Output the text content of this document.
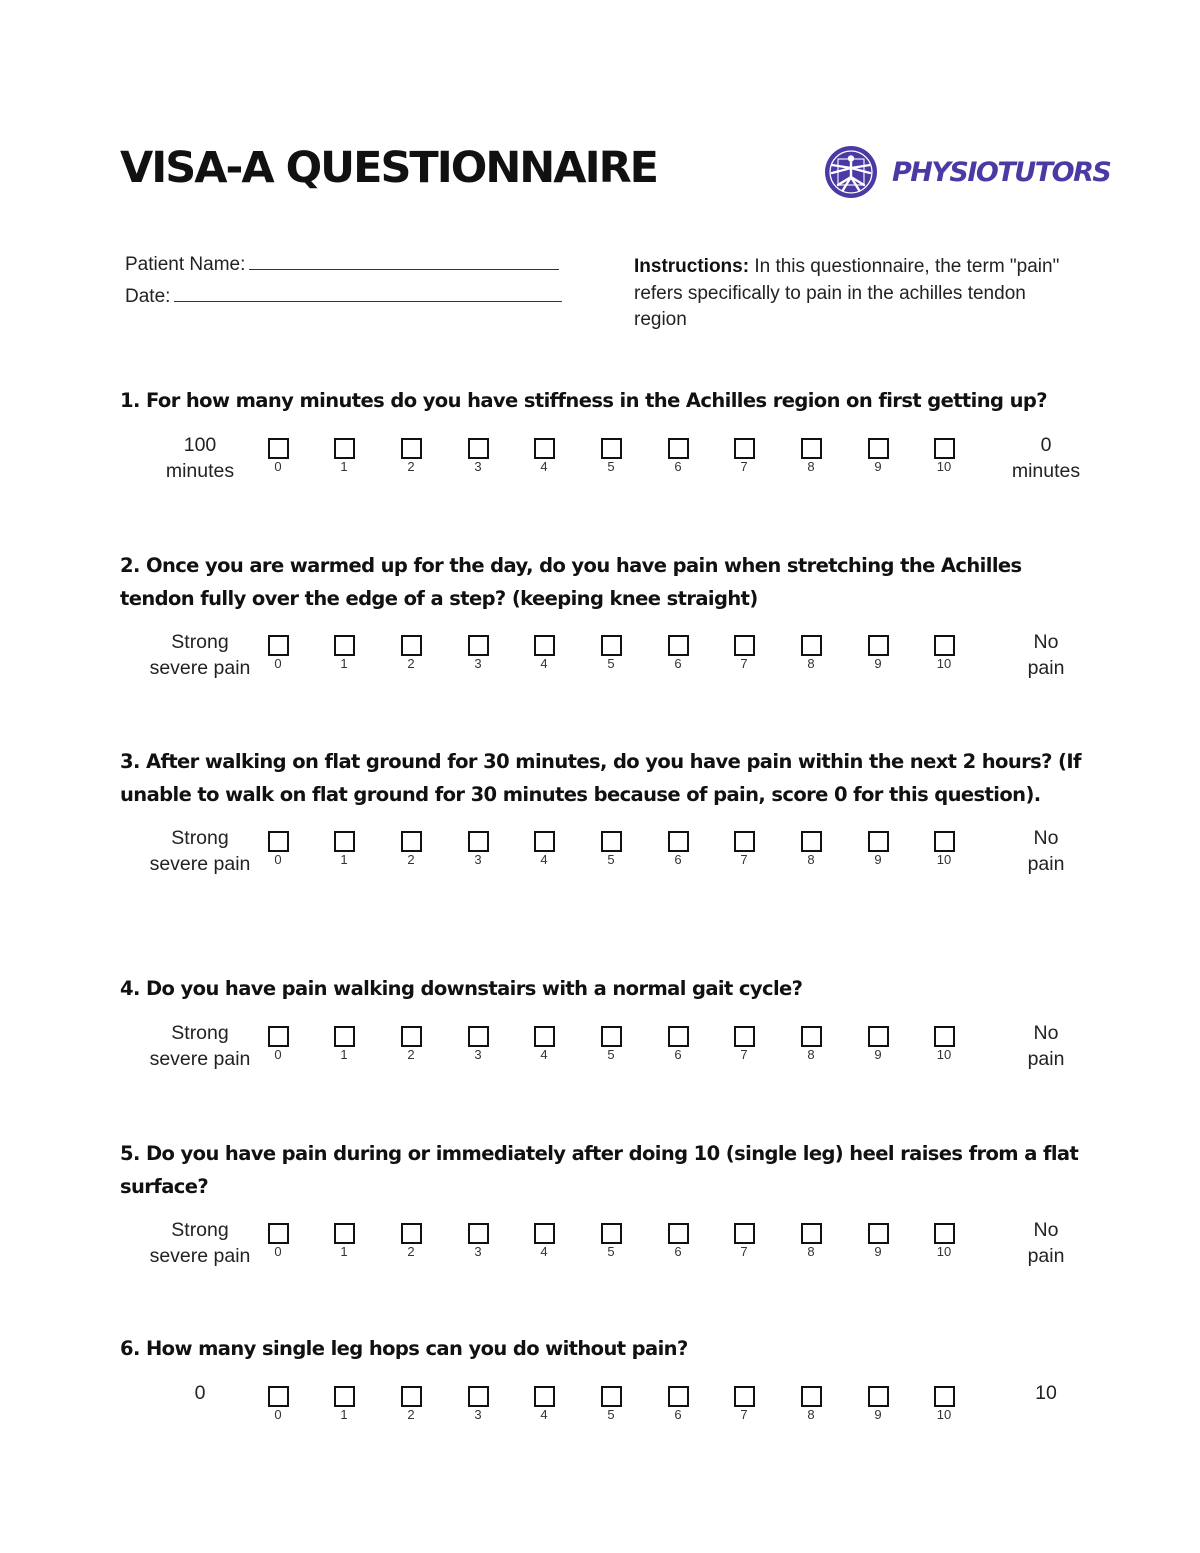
VISA-A QUESTIONNAIRE	PHYSIOTUTORS
Patient Name:
Date:
Instructions: In this questionnaire, the term "pain" refers specifically to pain in the achilles tendon region

1. For how many minutes do you have stiffness in the Achilles region on first getting up?

100
minutes	0	1	2	3	4	5	6	7	8	9	10
0
minutes

2. Once you are warmed up for the day, do you have pain when stretching the Achilles tendon fully over the edge of a step? (keeping knee straight)

Strong
severe pain	0	1	2	3	4	5	6	7	8	9	10
No
pain

3. After walking on flat ground for 30 minutes, do you have pain within the next 2 hours? (If unable to walk on flat ground for 30 minutes because of pain, score 0 for this question).

Strong
severe pain	0	1	2	3	4	5	6	7	8	9	10
No
pain

4. Do you have pain walking downstairs with a normal gait cycle?

Strong
severe pain	0	1	2	3	4	5	6	7	8	9	10
No
pain

5. Do you have pain during or immediately after doing 10 (single leg) heel raises from a flat surface?

Strong
severe pain	0	1	2	3	4	5	6	7	8	9	10
No
pain

6. How many single leg hops can you do without pain?

0
0	1	2	3	4	5	6	7	8	9	10
10
